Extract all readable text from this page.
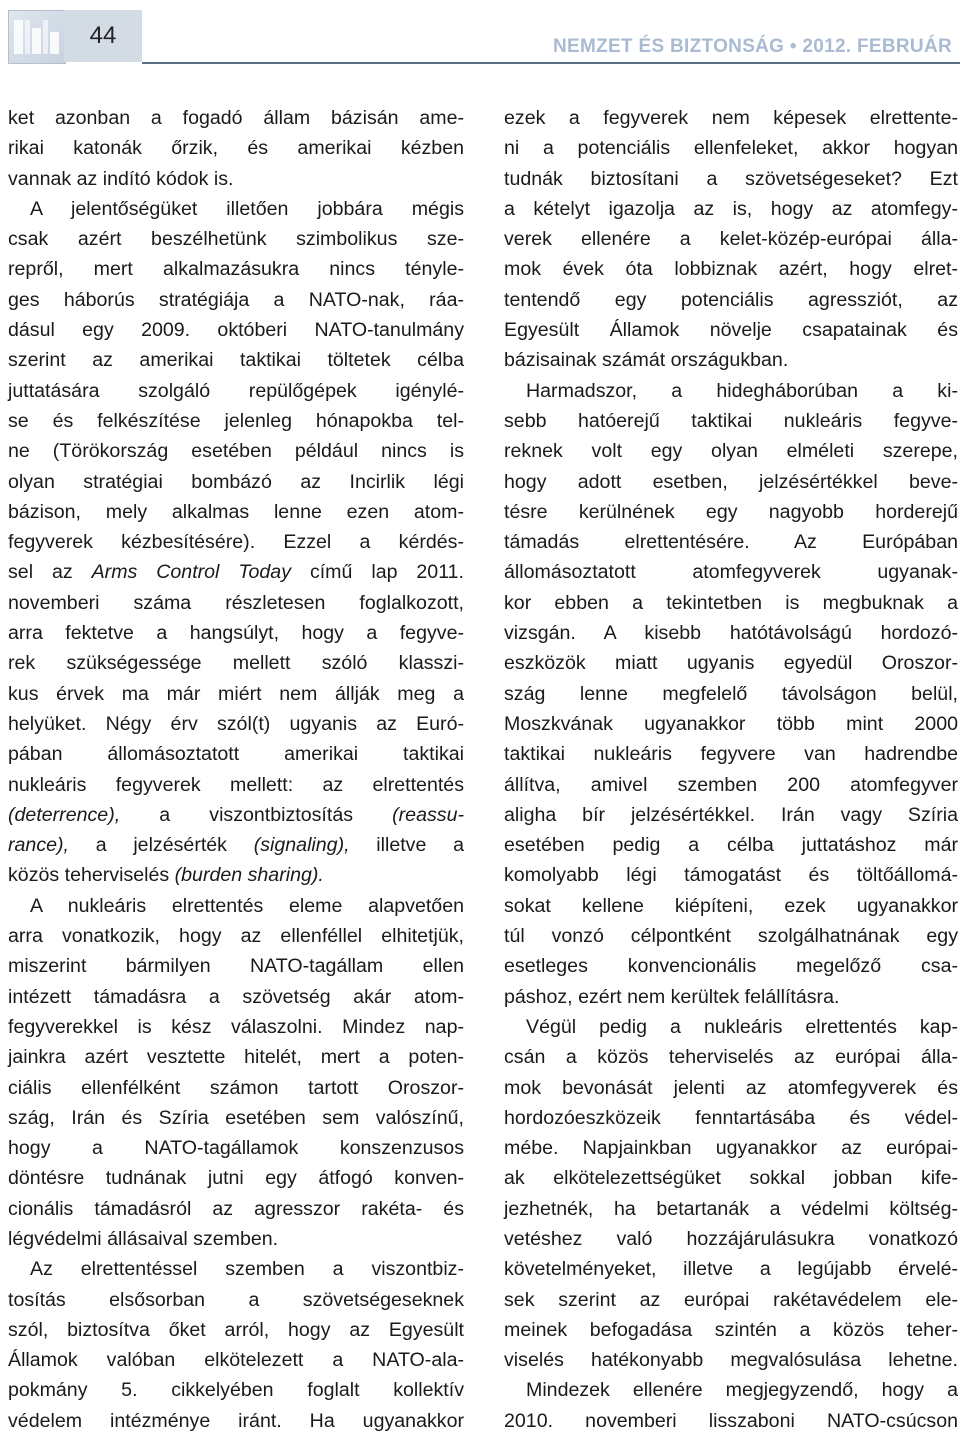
44	NEMZET ÉS BIZTONSÁG • 2012. FEBRUÁR
ket azonban a fogadó állam bázisán ame-
rikai katonák őrzik, és amerikai kézben
vannak az indító kódok is.
A jelentőségüket illetően jobbára mégis
csak azért beszélhetünk szimbolikus sze-
repről, mert alkalmazásukra nincs tényle-
ges háborús stratégiája a NATO-nak, ráa-
dásul egy 2009. októberi NATO-tanulmány
szerint az amerikai taktikai töltetek célba
juttatására szolgáló repülőgépek igénylé-
se és felkészítése jelenleg hónapokba tel-
ne (Törökország esetében például nincs is
olyan stratégiai bombázó az Incirlik légi
bázison, mely alkalmas lenne ezen atom-
fegyverek kézbesítésére). Ezzel a kérdés-
sel az Arms Control Today című lap 2011.
novemberi száma részletesen foglalkozott,
arra fektetve a hangsúlyt, hogy a fegyve-
rek szükségessége mellett szóló klasszi-
kus érvek ma már miért nem állják meg a
helyüket. Négy érv szól(t) ugyanis az Euró-
pában állomásoztatott amerikai taktikai
nukleáris fegyverek mellett: az elrettentés
(deterrence), a viszontbiztosítás (reassu-
rance), a jelzésérték (signaling), illetve a
közös teherviselés (burden sharing).
A nukleáris elrettentés eleme alapvetően
arra vonatkozik, hogy az ellenféllel elhitetjük,
miszerint bármilyen NATO-tagállam ellen
intézett támadásra a szövetség akár atom-
fegyverekkel is kész válaszolni. Mindez nap-
jainkra azért vesztette hitelét, mert a poten-
ciális ellenfélként számon tartott Oroszor-
szág, Irán és Szíria esetében sem valószínű,
hogy a NATO-tagállamok konszenzusos
döntésre tudnának jutni egy átfogó konven-
cionális támadásról az agresszor rakéta- és
légvédelmi állásaival szemben.
Az elrettentéssel szemben a viszontbiz-
tosítás elsősorban a szövetségeseknek
szól, biztosítva őket arról, hogy az Egyesült
Államok valóban elkötelezett a NATO-ala-
pokmány 5. cikkelyében foglalt kollektív
védelem intézménye iránt. Ha ugyanakkor
ezek a fegyverek nem képesek elrettente-
ni a potenciális ellenfeleket, akkor hogyan
tudnák biztosítani a szövetségeseket? Ezt
a kételyt igazolja az is, hogy az atomfegy-
verek ellenére a kelet-közép-európai álla-
mok évek óta lobbiznak azért, hogy elret-
tentendő egy potenciális agressziót, az
Egyesült Államok növelje csapatainak és
bázisainak számát országukban.
Harmadszor, a hidegháborúban a ki-
sebb hatóerejű taktikai nukleáris fegyve-
reknek volt egy olyan elméleti szerepe,
hogy adott esetben, jelzésértékkel beve-
tésre kerülnének egy nagyobb horderejű
támadás elrettentésére. Az Európában
állomásoztatott atomfegyverek ugyanak-
kor ebben a tekintetben is megbuknak a
vizsgán. A kisebb hatótávolságú hordozó-
eszközök miatt ugyanis egyedül Oroszor-
szág lenne megfelelő távolságon belül,
Moszkvának ugyanakkor több mint 2000
taktikai nukleáris fegyvere van hadrendbe
állítva, amivel szemben 200 atomfegyver
aligha bír jelzésértékkel. Irán vagy Szíria
esetében pedig a célba juttatáshoz már
komolyabb légi támogatást és töltőállomá-
sokat kellene kiépíteni, ezek ugyanakkor
túl vonzó célpontként szolgálhatnának egy
esetleges konvencionális megelőző csa-
páshoz, ezért nem kerültek felállításra.
Végül pedig a nukleáris elrettentés kap-
csán a közös teherviselés az európai álla-
mok bevonását jelenti az atomfegyverek és
hordozóeszközeik fenntartásába és védel-
mébe. Napjainkban ugyanakkor az európai-
ak elkötelezettségüket sokkal jobban kife-
jezhetnék, ha betartanák a védelmi költség-
vetéshez való hozzájárulásukra vonatkozó
követelményeket, illetve a legújabb érvelé-
sek szerint az európai rakétavédelem ele-
meinek befogadása szintén a közös teher-
viselés hatékonyabb megvalósulása lehetne.
Mindezek ellenére megjegyzendő, hogy a
2010. novemberi lisszaboni NATO-csúcson
